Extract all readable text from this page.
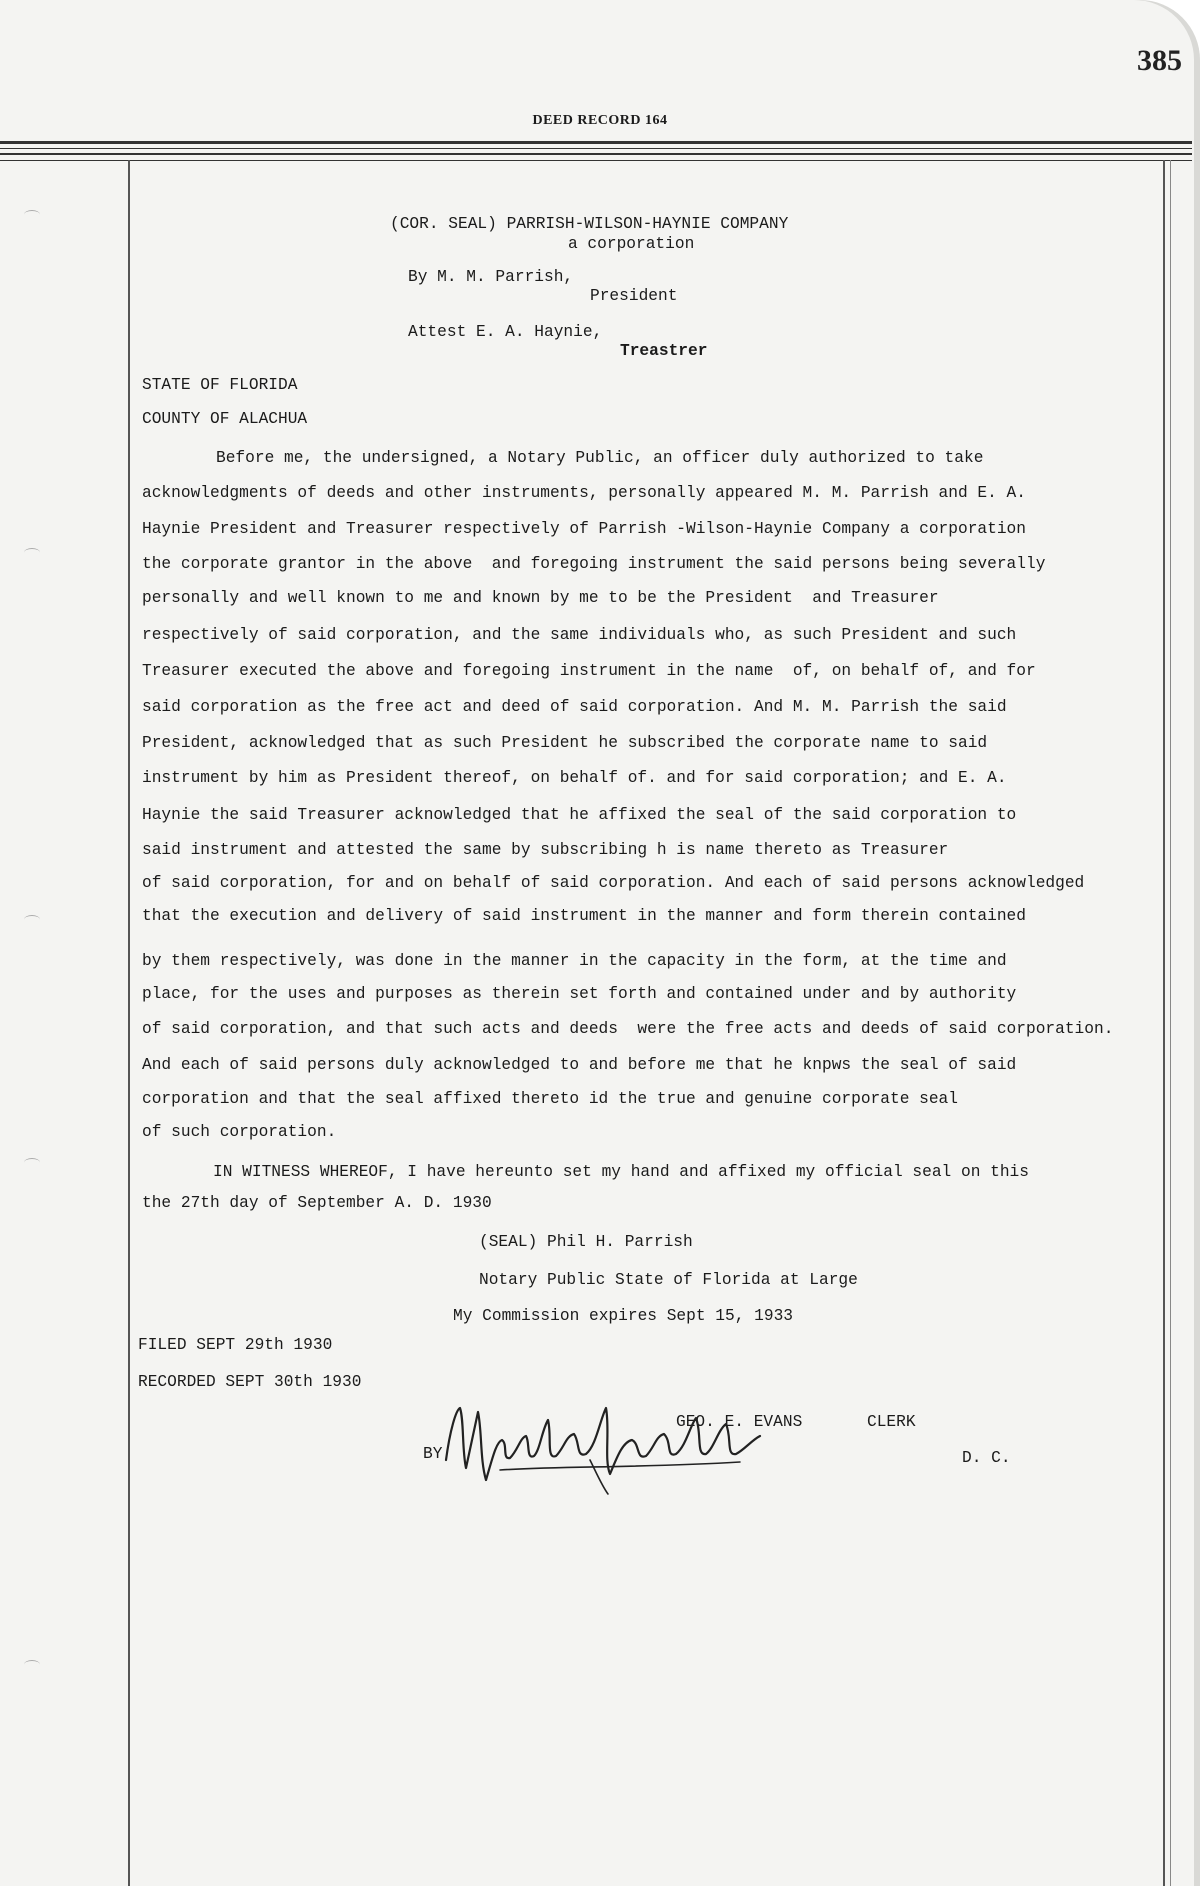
385
DEED RECORD 164
(COR. SEAL) PARRISH-WILSON-HAYNIE COMPANY
a corporation
By M. M. Parrish,
President
Attest E. A. Haynie,
Treastrer
STATE OF FLORIDA
COUNTY OF ALACHUA
Before me, the undersigned, a Notary Public, an officer duly authorized to take
acknowledgments of deeds and other instruments, personally appeared M. M. Parrish and E. A.
Haynie President and Treasurer respectively of Parrish -Wilson-Haynie Company a corporation
the corporate grantor in the above  and foregoing instrument the said persons being severally
personally and well known to me and known by me to be the President  and Treasurer
respectively of said corporation, and the same individuals who, as such President and such
Treasurer executed the above and foregoing instrument in the name  of, on behalf of, and for
said corporation as the free act and deed of said corporation. And M. M. Parrish the said
President, acknowledged that as such President he subscribed the corporate name to said
instrument by him as President thereof, on behalf of. and for said corporation; and E. A.
Haynie the said Treasurer acknowledged that he affixed the seal of the said corporation to
said instrument and attested the same by subscribing h is name thereto as Treasurer
of said corporation, for and on behalf of said corporation. And each of said persons acknowledged
that the execution and delivery of said instrument in the manner and form therein contained
by them respectively, was done in the manner in the capacity in the form, at the time and
place, for the uses and purposes as therein set forth and contained under and by authority
of said corporation, and that such acts and deeds  were the free acts and deeds of said corporation.
And each of said persons duly acknowledged to and before me that he knpws the seal of said
corporation and that the seal affixed thereto id the true and genuine corporate seal
of such corporation.
IN WITNESS WHEREOF, I have hereunto set my hand and affixed my official seal on this
the 27th day of September A. D. 1930
(SEAL) Phil H. Parrish
Notary Public State of Florida at Large
My Commission expires Sept 15, 1933
FILED SEPT 29th 1930
RECORDED SEPT 30th 1930
GEO. E. EVANS	CLERK
BY	D. C.
